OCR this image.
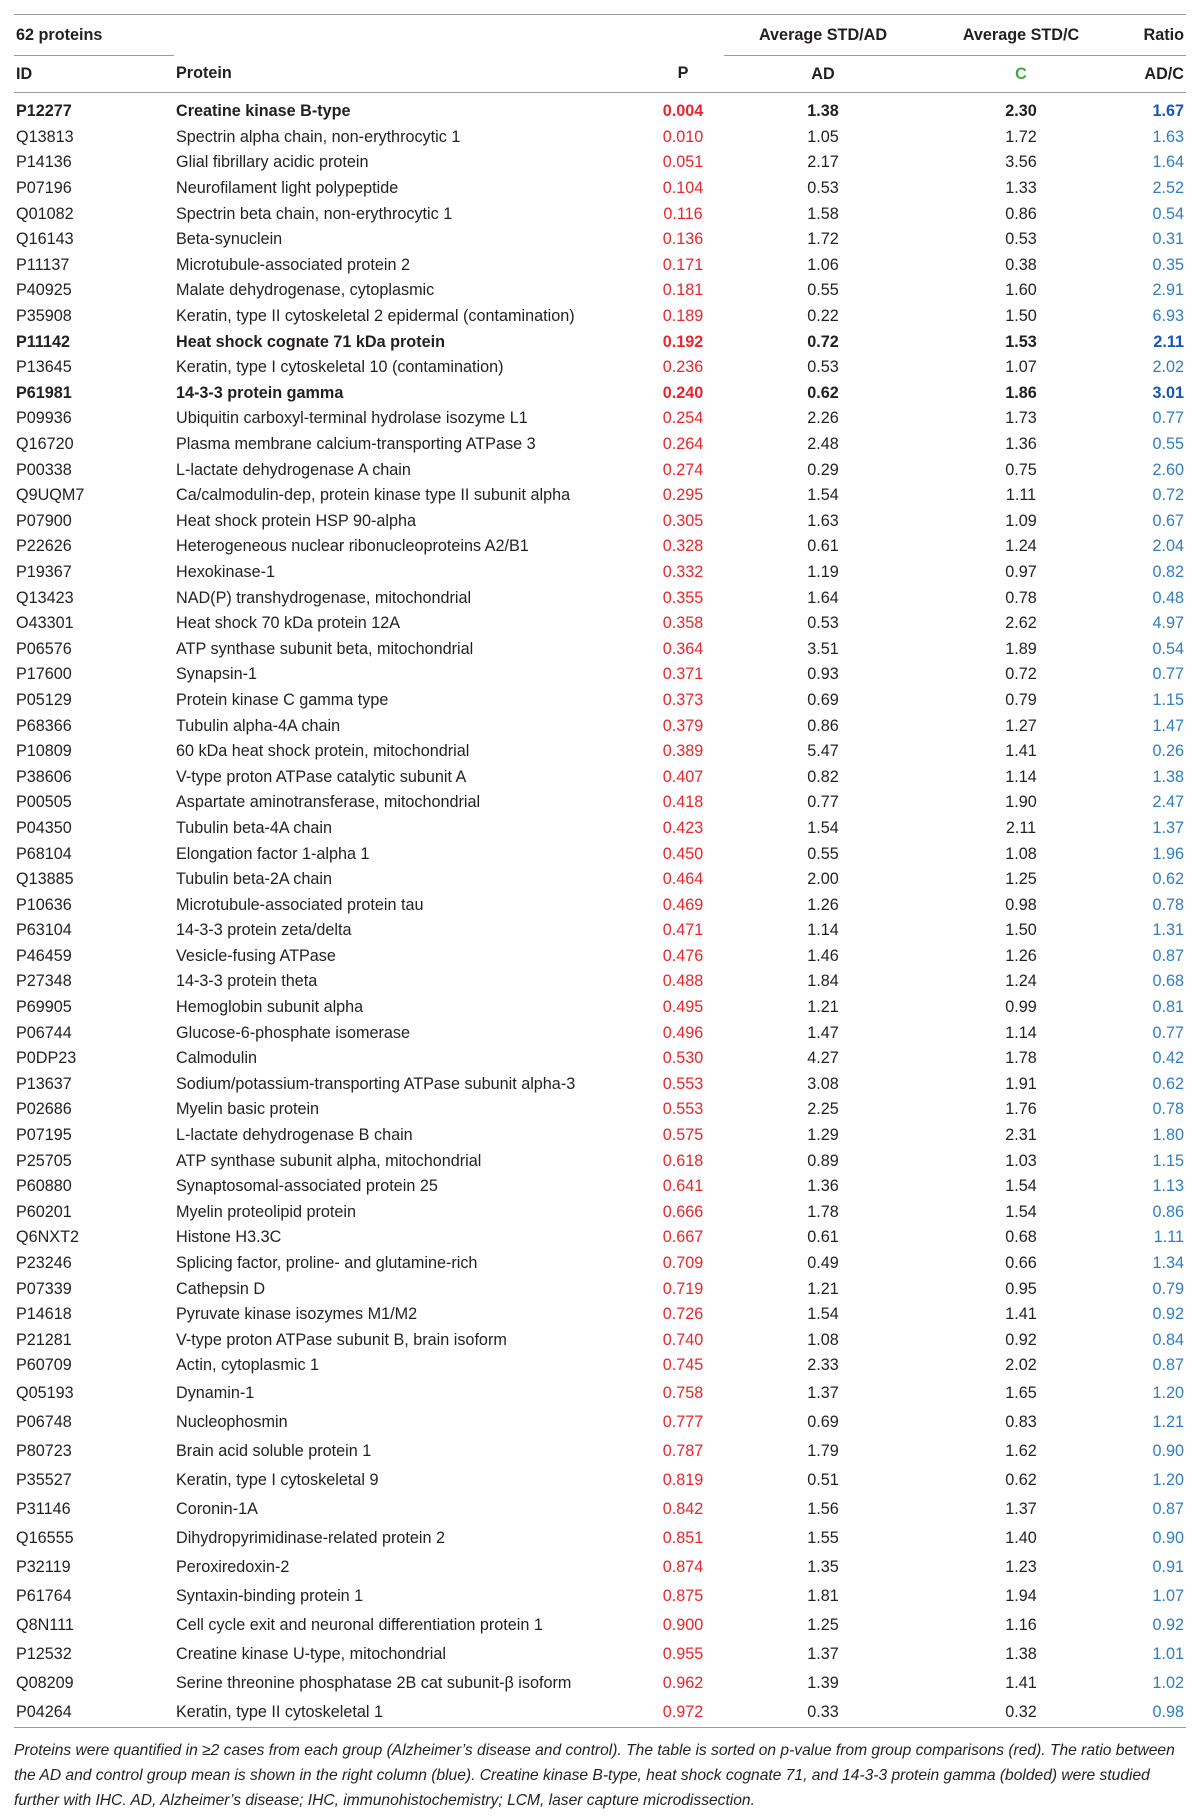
62 proteins			Average STD/AD	Average STD/C	Ratio
ID	Protein	P	AD	C	AD/C

P12277	Creatine kinase B-type	0.004	1.38	2.30	1.67
Q13813	Spectrin alpha chain, non-erythrocytic 1	0.010	1.05	1.72	1.63
P14136	Glial fibrillary acidic protein	0.051	2.17	3.56	1.64
P07196	Neurofilament light polypeptide	0.104	0.53	1.33	2.52
Q01082	Spectrin beta chain, non-erythrocytic 1	0.116	1.58	0.86	0.54
Q16143	Beta-synuclein	0.136	1.72	0.53	0.31
P11137	Microtubule-associated protein 2	0.171	1.06	0.38	0.35
P40925	Malate dehydrogenase, cytoplasmic	0.181	0.55	1.60	2.91
P35908	Keratin, type II cytoskeletal 2 epidermal (contamination)	0.189	0.22	1.50	6.93
P11142	Heat shock cognate 71 kDa protein	0.192	0.72	1.53	2.11
P13645	Keratin, type I cytoskeletal 10 (contamination)	0.236	0.53	1.07	2.02
P61981	14-3-3 protein gamma	0.240	0.62	1.86	3.01
P09936	Ubiquitin carboxyl-terminal hydrolase isozyme L1	0.254	2.26	1.73	0.77
Q16720	Plasma membrane calcium-transporting ATPase 3	0.264	2.48	1.36	0.55
P00338	L-lactate dehydrogenase A chain	0.274	0.29	0.75	2.60
Q9UQM7	Ca/calmodulin-dep, protein kinase type II subunit alpha	0.295	1.54	1.11	0.72
P07900	Heat shock protein HSP 90-alpha	0.305	1.63	1.09	0.67
P22626	Heterogeneous nuclear ribonucleoproteins A2/B1	0.328	0.61	1.24	2.04
P19367	Hexokinase-1	0.332	1.19	0.97	0.82
Q13423	NAD(P) transhydrogenase, mitochondrial	0.355	1.64	0.78	0.48
O43301	Heat shock 70 kDa protein 12A	0.358	0.53	2.62	4.97
P06576	ATP synthase subunit beta, mitochondrial	0.364	3.51	1.89	0.54
P17600	Synapsin-1	0.371	0.93	0.72	0.77
P05129	Protein kinase C gamma type	0.373	0.69	0.79	1.15
P68366	Tubulin alpha-4A chain	0.379	0.86	1.27	1.47
P10809	60 kDa heat shock protein, mitochondrial	0.389	5.47	1.41	0.26
P38606	V-type proton ATPase catalytic subunit A	0.407	0.82	1.14	1.38
P00505	Aspartate aminotransferase, mitochondrial	0.418	0.77	1.90	2.47
P04350	Tubulin beta-4A chain	0.423	1.54	2.11	1.37
P68104	Elongation factor 1-alpha 1	0.450	0.55	1.08	1.96
Q13885	Tubulin beta-2A chain	0.464	2.00	1.25	0.62
P10636	Microtubule-associated protein tau	0.469	1.26	0.98	0.78
P63104	14-3-3 protein zeta/delta	0.471	1.14	1.50	1.31
P46459	Vesicle-fusing ATPase	0.476	1.46	1.26	0.87
P27348	14-3-3 protein theta	0.488	1.84	1.24	0.68
P69905	Hemoglobin subunit alpha	0.495	1.21	0.99	0.81
P06744	Glucose-6-phosphate isomerase	0.496	1.47	1.14	0.77
P0DP23	Calmodulin	0.530	4.27	1.78	0.42
P13637	Sodium/potassium-transporting ATPase subunit alpha-3	0.553	3.08	1.91	0.62
P02686	Myelin basic protein	0.553	2.25	1.76	0.78
P07195	L-lactate dehydrogenase B chain	0.575	1.29	2.31	1.80
P25705	ATP synthase subunit alpha, mitochondrial	0.618	0.89	1.03	1.15
P60880	Synaptosomal-associated protein 25	0.641	1.36	1.54	1.13
P60201	Myelin proteolipid protein	0.666	1.78	1.54	0.86
Q6NXT2	Histone H3.3C	0.667	0.61	0.68	1.11
P23246	Splicing factor, proline- and glutamine-rich	0.709	0.49	0.66	1.34
P07339	Cathepsin D	0.719	1.21	0.95	0.79
P14618	Pyruvate kinase isozymes M1/M2	0.726	1.54	1.41	0.92
P21281	V-type proton ATPase subunit B, brain isoform	0.740	1.08	0.92	0.84
P60709	Actin, cytoplasmic 1	0.745	2.33	2.02	0.87
Q05193	Dynamin-1	0.758	1.37	1.65	1.20
P06748	Nucleophosmin	0.777	0.69	0.83	1.21
P80723	Brain acid soluble protein 1	0.787	1.79	1.62	0.90
P35527	Keratin, type I cytoskeletal 9	0.819	0.51	0.62	1.20
P31146	Coronin-1A	0.842	1.56	1.37	0.87
Q16555	Dihydropyrimidinase-related protein 2	0.851	1.55	1.40	0.90
P32119	Peroxiredoxin-2	0.874	1.35	1.23	0.91
P61764	Syntaxin-binding protein 1	0.875	1.81	1.94	1.07
Q8N111	Cell cycle exit and neuronal differentiation protein 1	0.900	1.25	1.16	0.92
P12532	Creatine kinase U-type, mitochondrial	0.955	1.37	1.38	1.01
Q08209	Serine threonine phosphatase 2B cat subunit-β isoform	0.962	1.39	1.41	1.02
P04264	Keratin, type II cytoskeletal 1	0.972	0.33	0.32	0.98
Proteins were quantified in ≥2 cases from each group (Alzheimer’s disease and control). The table is sorted on p-value from group comparisons (red). The ratio between the AD and control group mean is shown in the right column (blue). Creatine kinase B-type, heat shock cognate 71, and 14-3-3 protein gamma (bolded) were studied further with IHC. AD, Alzheimer’s disease; IHC, immunohistochemistry; LCM, laser capture microdissection.
